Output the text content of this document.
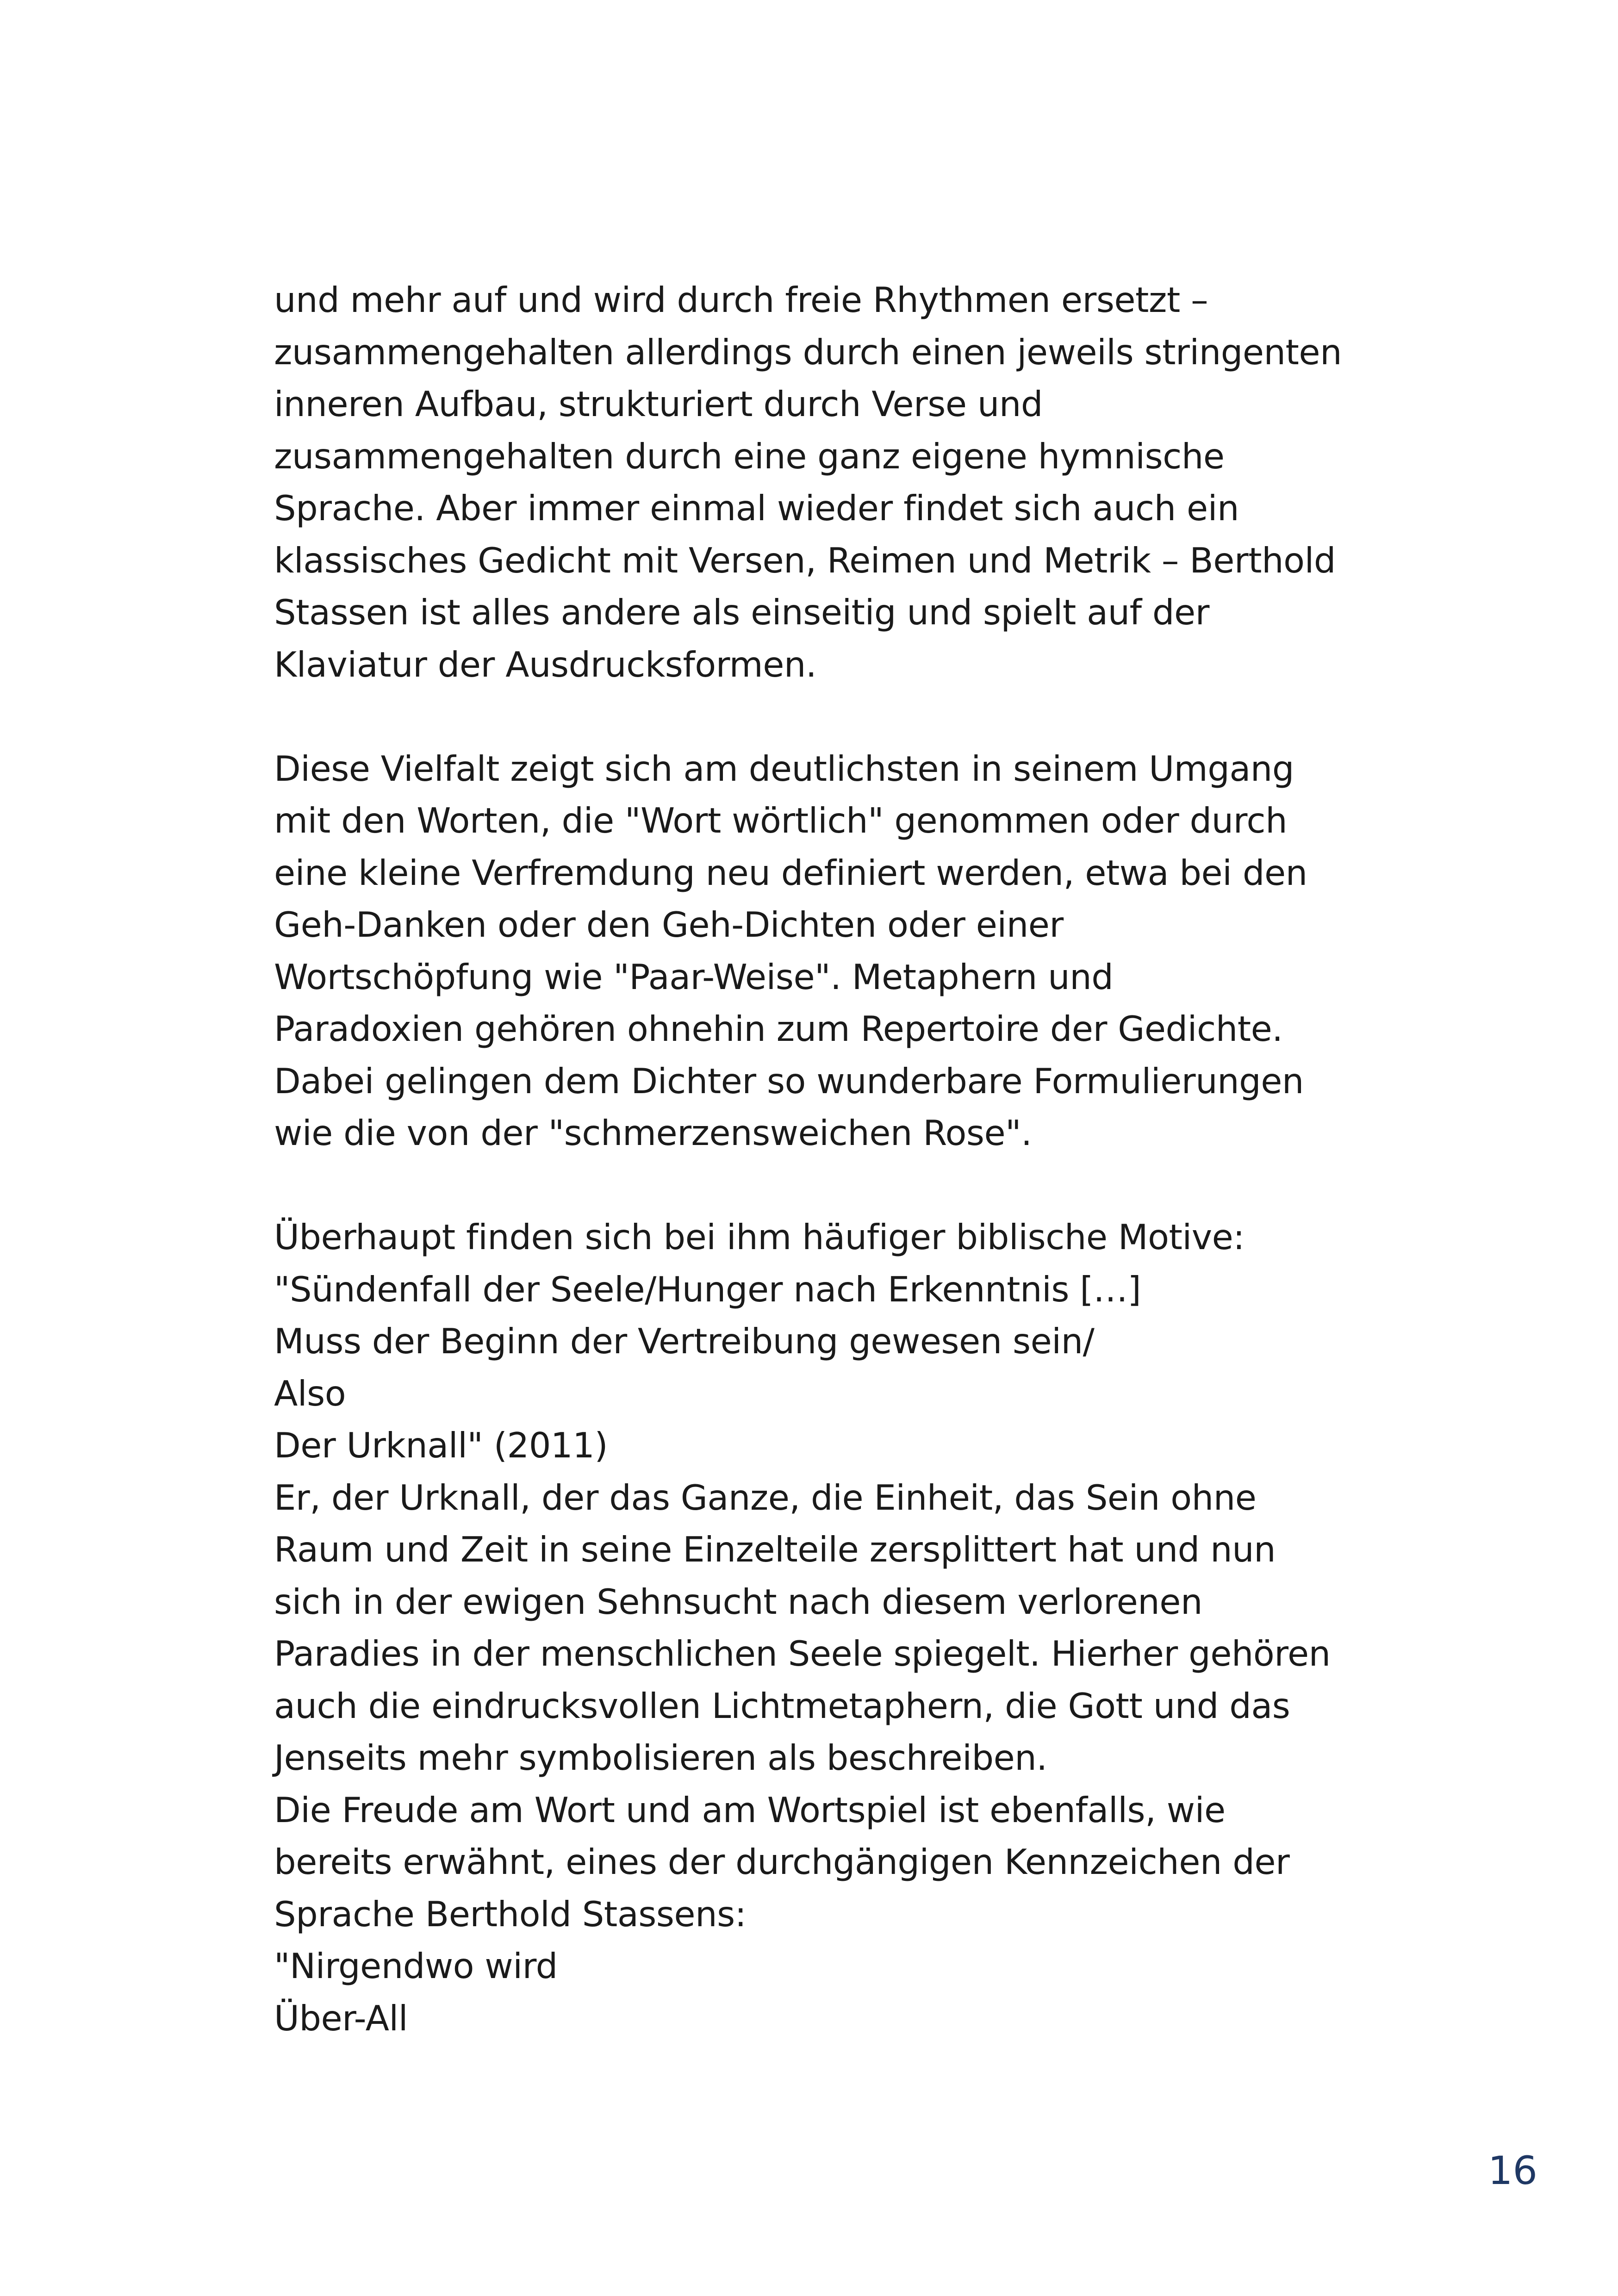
und mehr auf und wird durch freie Rhythmen ersetzt –
zusammengehalten allerdings durch einen jeweils stringenten
inneren Aufbau, strukturiert durch Verse und
zusammengehalten durch eine ganz eigene hymnische
Sprache. Aber immer einmal wieder findet sich auch ein
klassisches Gedicht mit Versen, Reimen und Metrik – Berthold
Stassen ist alles andere als einseitig und spielt auf der
Klaviatur der Ausdrucksformen.
Diese Vielfalt zeigt sich am deutlichsten in seinem Umgang
mit den Worten, die "Wort wörtlich" genommen oder durch
eine kleine Verfremdung neu definiert werden, etwa bei den
Geh-Danken oder den Geh-Dichten oder einer
Wortschöpfung wie "Paar-Weise". Metaphern und
Paradoxien gehören ohnehin zum Repertoire der Gedichte.
Dabei gelingen dem Dichter so wunderbare Formulierungen
wie die von der "schmerzensweichen Rose".
Überhaupt finden sich bei ihm häufiger biblische Motive:
"Sündenfall der Seele/Hunger nach Erkenntnis […]
Muss der Beginn der Vertreibung gewesen sein/
Also
Der Urknall" (2011)
Er, der Urknall, der das Ganze, die Einheit, das Sein ohne
Raum und Zeit in seine Einzelteile zersplittert hat und nun
sich in der ewigen Sehnsucht nach diesem verlorenen
Paradies in der menschlichen Seele spiegelt. Hierher gehören
auch die eindrucksvollen Lichtmetaphern, die Gott und das
Jenseits mehr symbolisieren als beschreiben.
Die Freude am Wort und am Wortspiel ist ebenfalls, wie
bereits erwähnt, eines der durchgängigen Kennzeichen der
Sprache Berthold Stassens:
"Nirgendwo wird
Über-All
16
